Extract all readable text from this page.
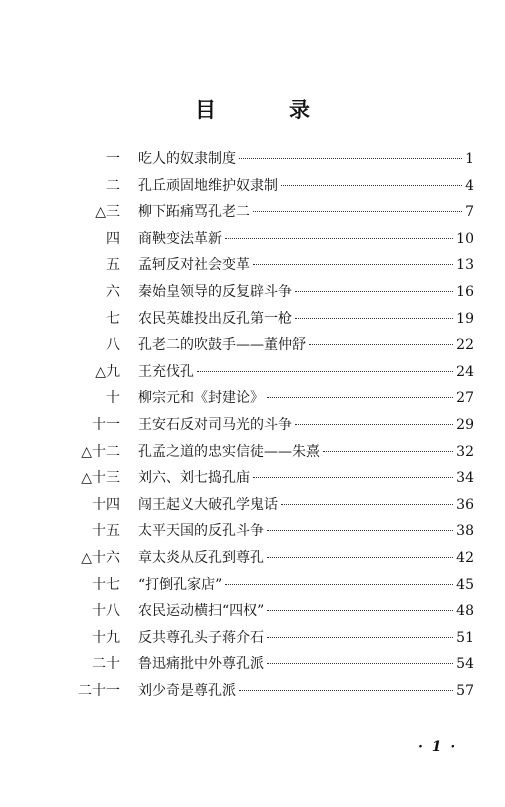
目　录
一 吃人的奴隶制度	1
二 孔丘顽固地维护奴隶制	4
△三 柳下跖痛骂孔老二	7
四 商鞅变法革新	10
五 孟轲反对社会变革	13
六 秦始皇领导的反复辟斗争	16
七 农民英雄投出反孔第一枪	19
八 孔老二的吹鼓手——董仲舒	22
△九 王充伐孔	24
十 柳宗元和《封建论》	27
十一 王安石反对司马光的斗争	29
△十二 孔孟之道的忠实信徒——朱熹	32
△十三 刘六、刘七捣孔庙	34
十四 闯王起义大破孔学鬼话	36
十五 太平天国的反孔斗争	38
△十六 章太炎从反孔到尊孔	42
十七 “打倒孔家店”	45
十八 农民运动横扫“四权”	48
十九 反共尊孔头子蒋介石	51
二十 鲁迅痛批中外尊孔派	54
二十一 刘少奇是尊孔派	57
· 1 ·
